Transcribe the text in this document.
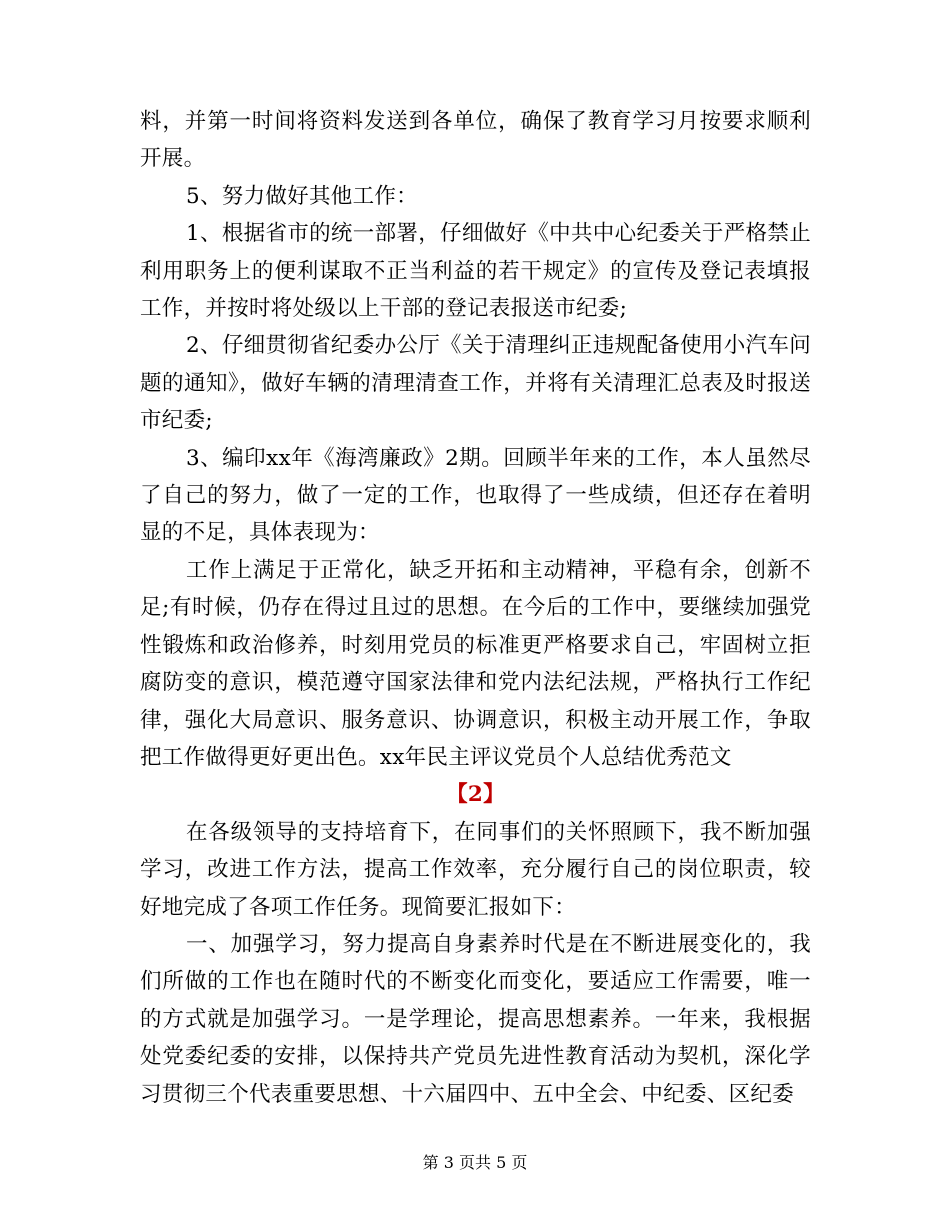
料，并第一时间将资料发送到各单位，确保了教育学习月按要求顺利开展。

5、努力做好其他工作：

1、根据省市的统一部署，仔细做好《中共中心纪委关于严格禁止利用职务上的便利谋取不正当利益的若干规定》的宣传及登记表填报工作，并按时将处级以上干部的登记表报送市纪委;

2、仔细贯彻省纪委办公厅《关于清理纠正违规配备使用小汽车问题的通知》，做好车辆的清理清查工作，并将有关清理汇总表及时报送市纪委;

3、编印xx年《海湾廉政》2期。回顾半年来的工作，本人虽然尽了自己的努力，做了一定的工作，也取得了一些成绩，但还存在着明显的不足，具体表现为：

工作上满足于正常化，缺乏开拓和主动精神，平稳有余，创新不足;有时候，仍存在得过且过的思想。在今后的工作中，要继续加强党性锻炼和政治修养，时刻用党员的标准更严格要求自己，牢固树立拒腐防变的意识，模范遵守国家法律和党内法纪法规，严格执行工作纪律，强化大局意识、服务意识、协调意识，积极主动开展工作，争取把工作做得更好更出色。xx年民主评议党员个人总结优秀范文

【2】

在各级领导的支持培育下，在同事们的关怀照顾下，我不断加强学习，改进工作方法，提高工作效率，充分履行自己的岗位职责，较好地完成了各项工作任务。现简要汇报如下：

一、加强学习，努力提高自身素养时代是在不断进展变化的，我们所做的工作也在随时代的不断变化而变化，要适应工作需要，唯一的方式就是加强学习。一是学理论，提高思想素养。一年来，我根据处党委纪委的安排，以保持共产党员先进性教育活动为契机，深化学习贯彻三个代表重要思想、十六届四中、五中全会、中纪委、区纪委

第 3 页共 5 页
